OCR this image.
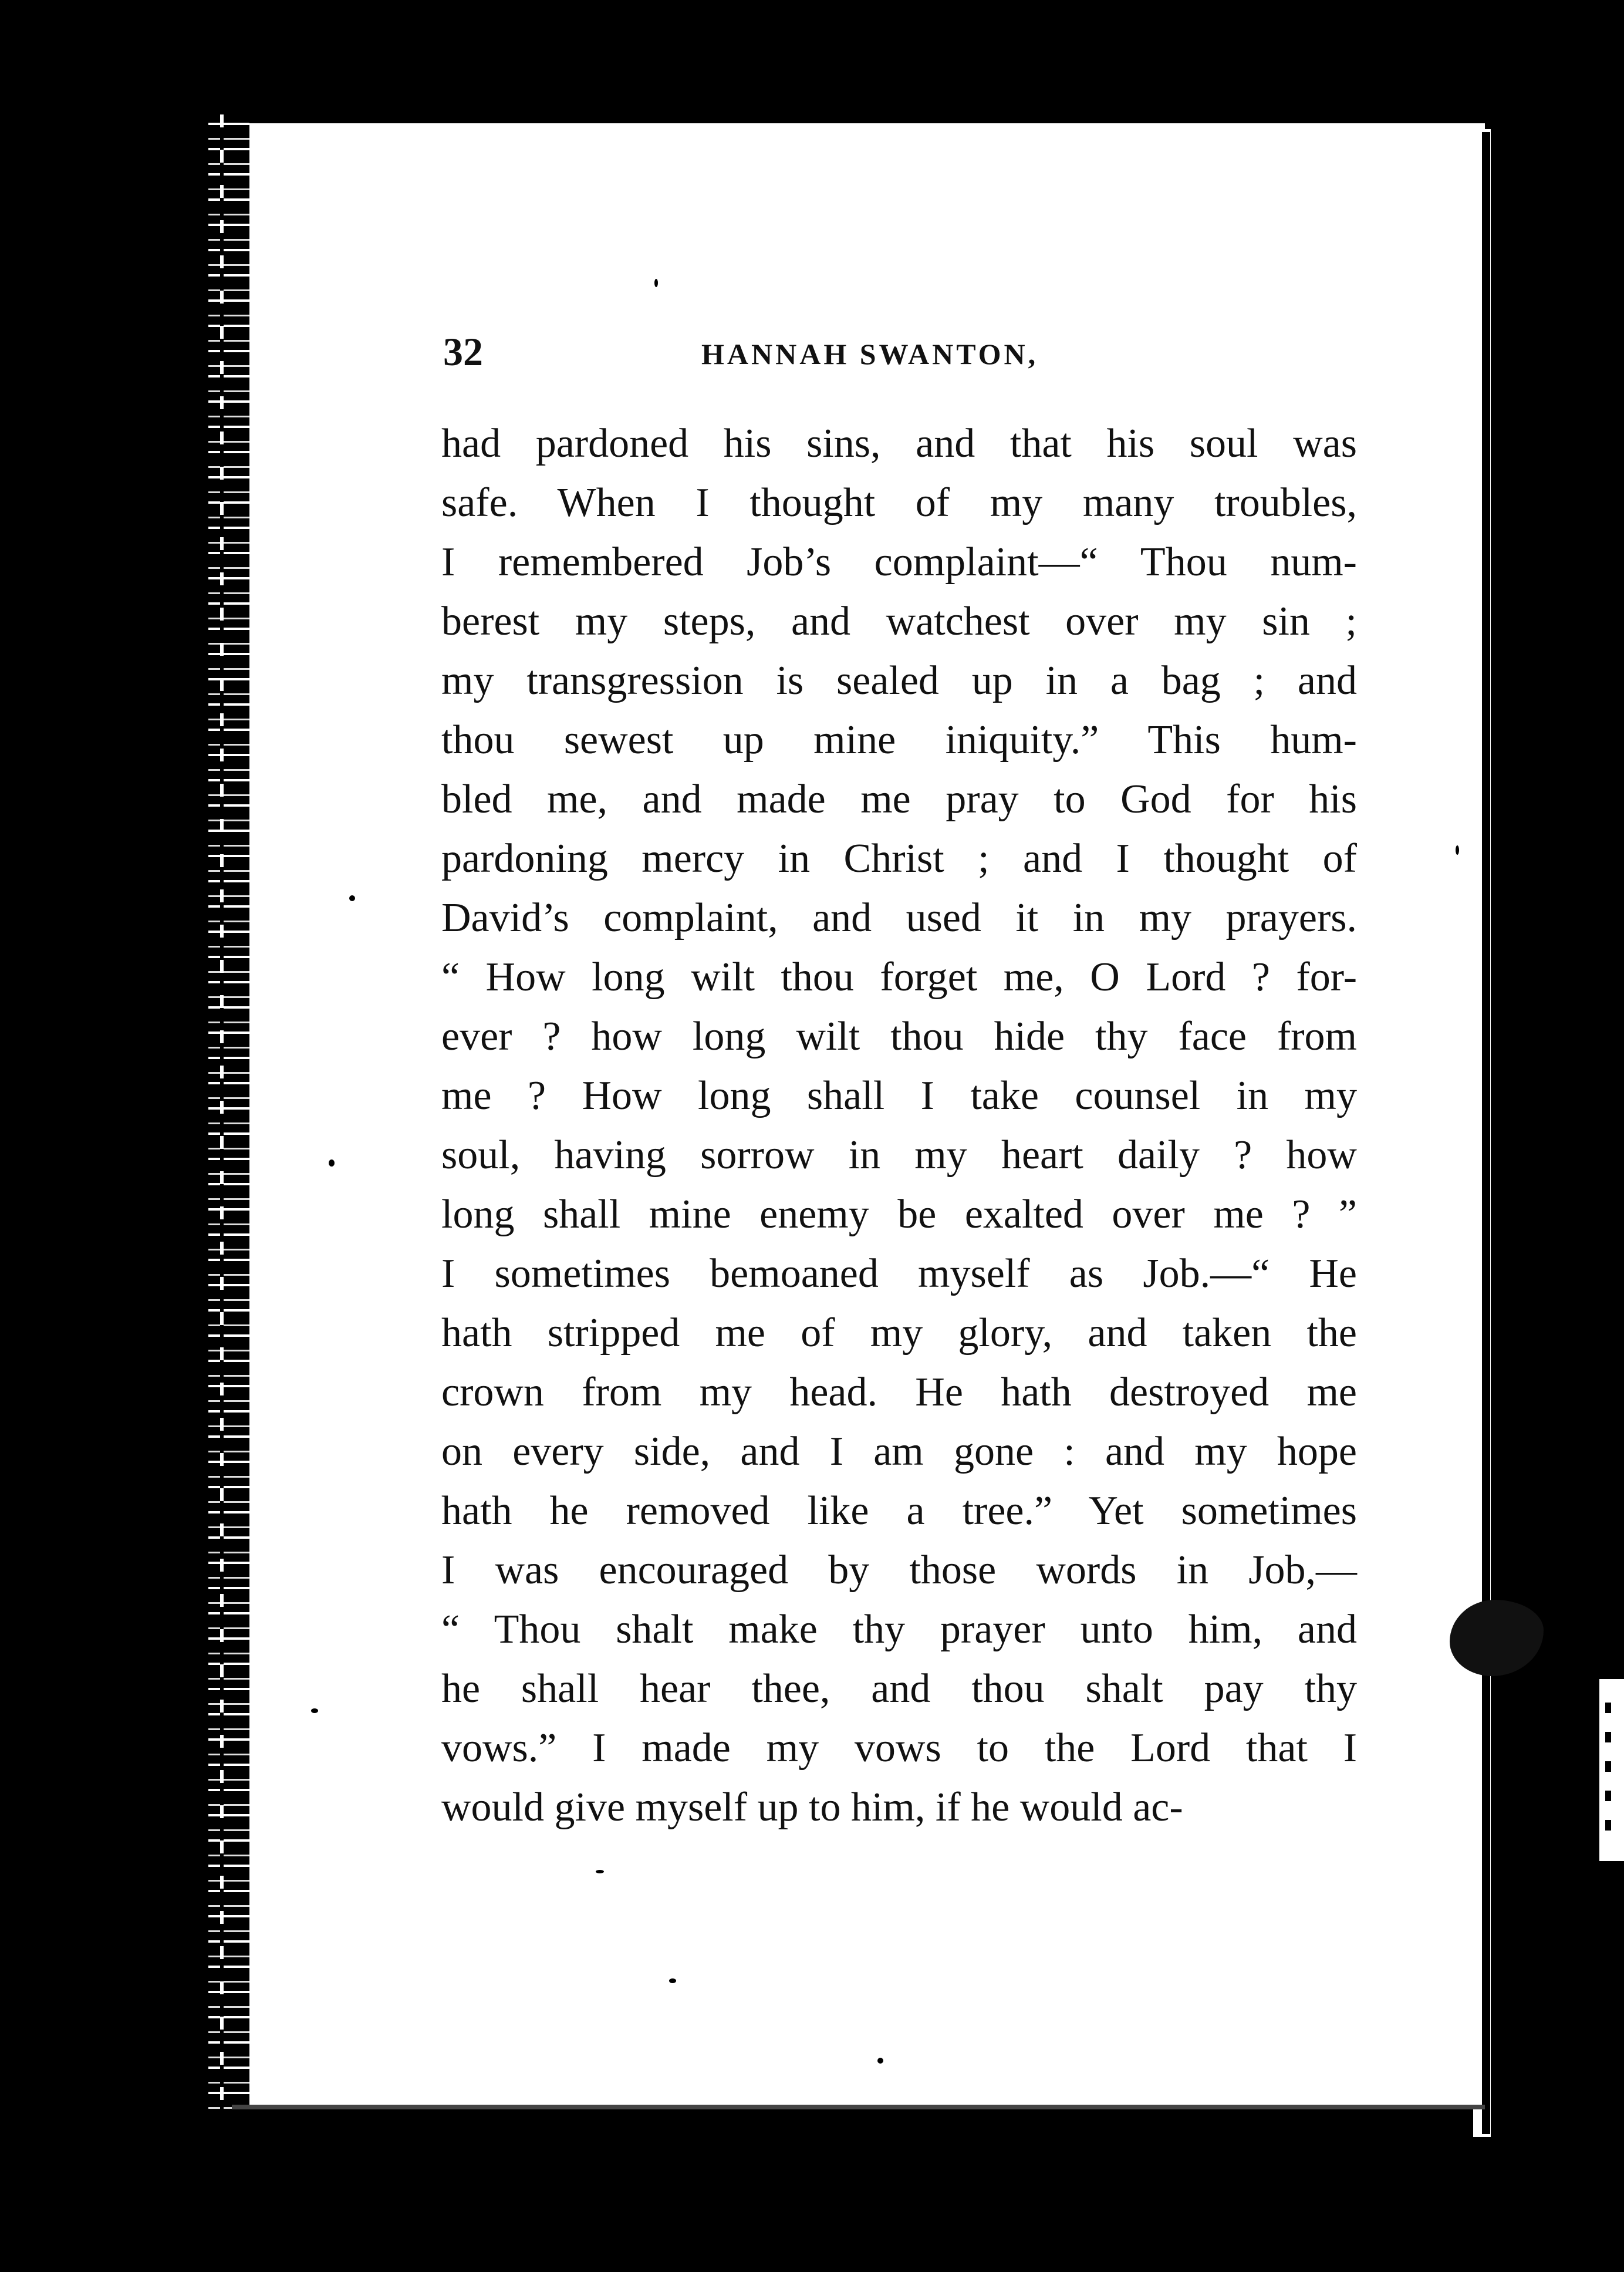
32	HANNAH SWANTON,
had pardoned his sins, and that his soul was
safe. When I thought of my many troubles,
I remembered Job’s complaint—“ Thou num-
berest my steps, and watchest over my sin ;
my transgression is sealed up in a bag ; and
thou sewest up mine iniquity.” This hum-
bled me, and made me pray to God for his
pardoning mercy in Christ ; and I thought of
David’s complaint, and used it in my prayers.
“ How long wilt thou forget me, O Lord ? for-
ever ? how long wilt thou hide thy face from
me ? How long shall I take counsel in my
soul, having sorrow in my heart daily ? how
long shall mine enemy be exalted over me ? ”
I sometimes bemoaned myself as Job.—“ He
hath stripped me of my glory, and taken the
crown from my head. He hath destroyed me
on every side, and I am gone : and my hope
hath he removed like a tree.” Yet sometimes
I was encouraged by those words in Job,—
“ Thou shalt make thy prayer unto him, and
he shall hear thee, and thou shalt pay thy
vows.” I made my vows to the Lord that I
would give myself up to him, if he would ac-
